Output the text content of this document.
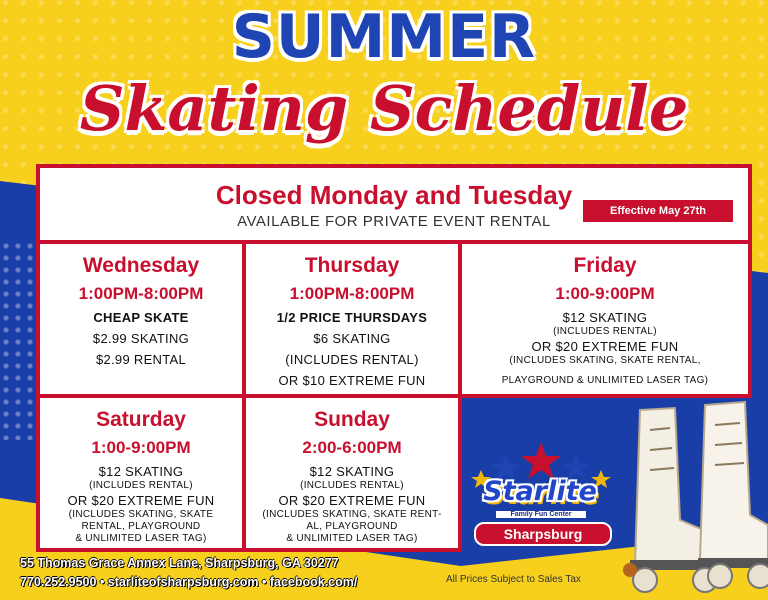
SUMMER
Skating Schedule
Closed Monday and Tuesday
AVAILABLE FOR PRIVATE EVENT RENTAL
Effective May 27th
Wednesday
1:00PM-8:00PM
CHEAP SKATE
$2.99 SKATING
$2.99 RENTAL
Thursday
1:00PM-8:00PM
1/2 PRICE THURSDAYS
$6 SKATING
(INCLUDES RENTAL)
OR $10 EXTREME FUN
Friday
1:00-9:00PM
$12 SKATING
(INCLUDES RENTAL)
OR $20 EXTREME FUN
(INCLUDES SKATING, SKATE RENTAL,
PLAYGROUND & UNLIMITED LASER TAG)
Saturday
1:00-9:00PM
$12 SKATING
(INCLUDES RENTAL)
OR $20 EXTREME FUN
(INCLUDES SKATING, SKATE
RENTAL, PLAYGROUND
& UNLIMITED LASER TAG)
Sunday
2:00-6:00PM
$12 SKATING
(INCLUDES RENTAL)
OR $20 EXTREME FUN
(INCLUDES SKATING, SKATE RENT-
AL, PLAYGROUND
& UNLIMITED LASER TAG)
Starlite
Family Fun Center
Sharpsburg
55 Thomas Grace Annex Lane, Sharpsburg, GA 30277
770.252.9500 • starliteofsharpsburg.com • facebook.com/	All Prices Subject to Sales Tax
